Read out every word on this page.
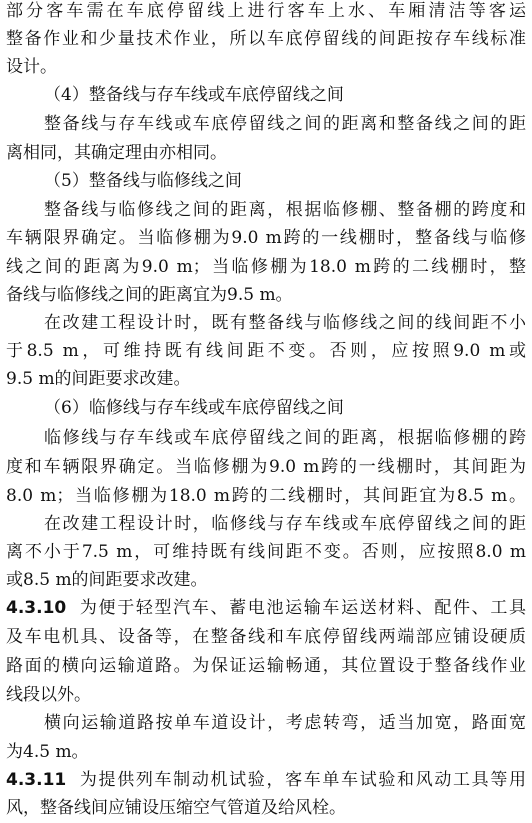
部分客车需在车底停留线上进行客车上水、车厢清洁等客运
整备作业和少量技术作业，所以车底停留线的间距按存车线标准
设计。
（4）整备线与存车线或车底停留线之间
整备线与存车线或车底停留线之间的距离和整备线之间的距
离相同，其确定理由亦相同。
（5）整备线与临修线之间
整备线与临修线之间的距离，根据临修棚、整备棚的跨度和
车辆限界确定。当临修棚为9.0 m跨的一线棚时，整备线与临修
线之间的距离为9.0 m；当临修棚为18.0 m跨的二线棚时，整
备线与临修线之间的距离宜为9.5 m。
在改建工程设计时，既有整备线与临修线之间的线间距不小
于8.5 m，可维持既有线间距不变。否则，应按照9.0 m或
9.5 m的间距要求改建。
（6）临修线与存车线或车底停留线之间
临修线与存车线或车底停留线之间的距离，根据临修棚的跨
度和车辆限界确定。当临修棚为9.0 m跨的一线棚时，其间距为
8.0 m；当临修棚为18.0 m跨的二线棚时，其间距宜为8.5 m。
在改建工程设计时，临修线与存车线或车底停留线之间的距
离不小于7.5 m，可维持既有线间距不变。否则，应按照8.0 m
或8.5 m的间距要求改建。
4.3.10 为便于轻型汽车、蓄电池运输车运送材料、配件、工具
及车电机具、设备等，在整备线和车底停留线两端部应铺设硬质
路面的横向运输道路。为保证运输畅通，其位置设于整备线作业
线段以外。
横向运输道路按单车道设计，考虑转弯，适当加宽，路面宽
为4.5 m。
4.3.11 为提供列车制动机试验，客车单车试验和风动工具等用
风，整备线间应铺设压缩空气管道及给风栓。
